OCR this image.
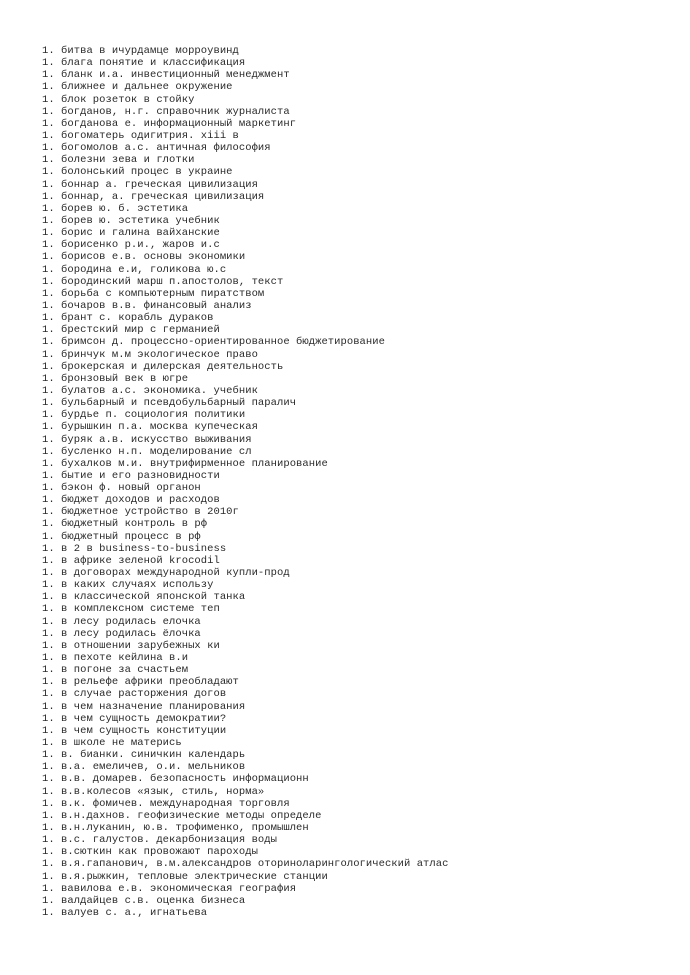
1. битва в ичурдамце морроувинд
1. блага понятие и классификация
1. бланк и.а. инвестиционный менеджмент
1. ближнее и дальнее окружение
1. блок розеток в стойку
1. богданов, н.г. справочник журналиста
1. богданова е. информационный маркетинг
1. богоматерь одигитрия. xiii в
1. богомолов а.с. античная философия
1. болезни зева и глотки
1. болонський процес в украине
1. боннар а. греческая цивилизация
1. боннар, а. греческая цивилизация
1. борев ю. б. эстетика
1. борев ю. эстетика учебник
1. борис и галина вайханские
1. борисенко р.и., жаров и.с
1. борисов е.в. основы экономики
1. бородина е.и, голикова ю.с
1. бородинский марш п.апостолов, текст
1. борьба с компьютерным пиратством
1. бочаров в.в. финансовый анализ
1. брант с. корабль дураков
1. брестский мир с германией
1. бримсон д. процессно-ориентированное бюджетирование
1. бринчук м.м экологическое право
1. брокерская и дилерская деятельность
1. бронзовый век в югре
1. булатов а.с. экономика. учебник
1. бульбарный и псевдобульбарный паралич
1. бурдье п. социология политики
1. бурышкин п.а. москва купеческая
1. буряк а.в. искусство выживания
1. бусленко н.п. моделирование сл
1. бухалков м.и. внутрифирменное планирование
1. бытие и его разновидности
1. бэкон ф. новый органон
1. бюджет доходов и расходов
1. бюджетное устройство в 2010г
1. бюджетный контроль в рф
1. бюджетный процесс в рф
1. в 2 в business-to-business
1. в африке зеленой krocodil
1. в договорах международной купли-прод
1. в каких случаях использу
1. в классической японской танка
1. в комплексном системе теп
1. в лесу родилась елочка
1. в лесу родилась ёлочка
1. в отношении зарубежных ки
1. в пехоте кейлина в.и
1. в погоне за счастьем
1. в рельефе африки преобладают
1. в случае расторжения догов
1. в чем назначение планирования
1. в чем сущность демократии?
1. в чем сущность конституции
1. в школе не матерись
1. в. бианки. синичкин календарь
1. в.а. емеличев, о.и. мельников
1. в.в. домарев. безопасность информационн
1. в.в.колесов «язык, стиль, норма»
1. в.к. фомичев. международная торговля
1. в.н.дахнов. геофизические методы определе
1. в.н.луканин, ю.в. трофименко, промышлен
1. в.с. галустов. декарбонизация воды
1. в.сюткин как провожают пароходы
1. в.я.гапанович, в.м.александров оториноларингологический атлас
1. в.я.рыжкин, тепловые электрические станции
1. вавилова е.в. экономическая география
1. валдайцев с.в. оценка бизнеса
1. валуев с. а., игнатьева
